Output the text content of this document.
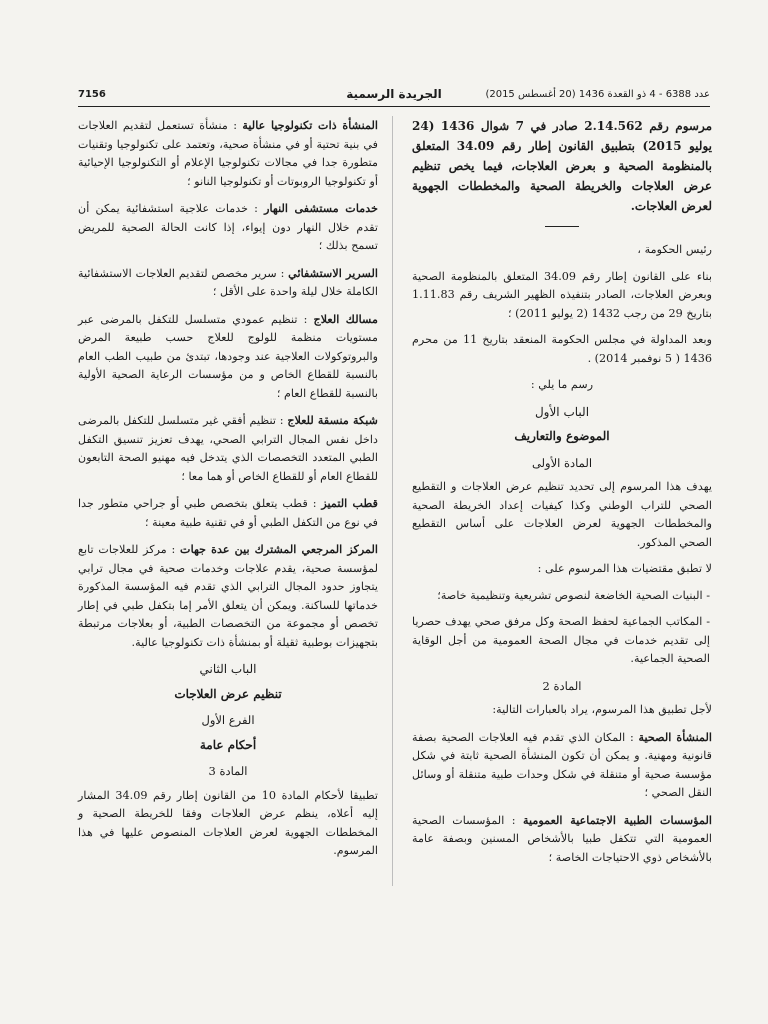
7156	الجريدة الرسمية	عدد 6388 - 4 ذو القعدة 1436 (20 أغسطس 2015)
مرسوم رقم 2.14.562 صادر في 7 شوال 1436 (24 يوليو 2015) بتطبيق القانون إطار رقم 34.09 المتعلق بالمنظومة الصحية و بعرض العلاجات، فيما يخص تنظيم عرض العلاجات والخريطة الصحية والمخططات الجهوية لعرض العلاجات.

رئيس الحكومة ،

بناء على القانون إطار رقم 34.09 المتعلق بالمنظومة الصحية وبعرض العلاجات، الصادر بتنفيذه الظهير الشريف رقم 1.11.83 بتاريخ 29 من رجب 1432 (2 يوليو 2011) ؛

وبعد المداولة في مجلس الحكومة المنعقد بتاريخ 11 من محرم 1436 ( 5 نوفمبر 2014) .

رسم ما يلي :

الباب الأول
الموضوع والتعاريف
المادة الأولى

يهدف هذا المرسوم إلى تحديد تنظيم عرض العلاجات و التقطيع الصحي للتراب الوطني وكذا كيفيات إعداد الخريطة الصحية والمخططات الجهوية لعرض العلاجات على أساس التقطيع الصحي المذكور.

لا تطبق مقتضيات هذا المرسوم على :

- البنيات الصحية الخاضعة لنصوص تشريعية وتنظيمية خاصة؛

- المكاتب الجماعية لحفظ الصحة وكل مرفق صحي يهدف حصريا إلى تقديم خدمات في مجال الصحة العمومية من أجل الوقاية الصحية الجماعية.

المادة 2

لأجل تطبيق هذا المرسوم، يراد بالعبارات التالية:

المنشأة الصحية : المكان الذي تقدم فيه العلاجات الصحية بصفة قانونية ومهنية. و يمكن أن تكون المنشأة الصحية ثابتة في شكل مؤسسة صحية أو متنقلة في شكل وحدات طبية متنقلة أو وسائل النقل الصحي ؛

المؤسسات الطبية الاجتماعية العمومية : المؤسسات الصحية العمومية التي تتكفل طبيا بالأشخاص المسنين وبصفة عامة بالأشخاص ذوي الاحتياجات الخاصة ؛

المنشأة ذات تكنولوجيا عالية : منشأة تستعمل لتقديم العلاجات في بنية تحتية أو في منشأة صحية، وتعتمد على تكنولوجيا وتقنيات متطورة جدا في مجالات تكنولوجيا الإعلام أو التكنولوجيا الإحيائية أو تكنولوجيا الروبوتات أو تكنولوجيا النانو ؛

خدمات مستشفى النهار : خدمات علاجية استشفائية يمكن أن تقدم خلال النهار دون إيواء، إذا كانت الحالة الصحية للمريض تسمح بذلك ؛

السرير الاستشفائي : سرير مخصص لتقديم العلاجات الاستشفائية الكاملة خلال ليلة واحدة على الأقل ؛

مسالك العلاج : تنظيم عمودي متسلسل للتكفل بالمرضى عبر مستويات منظمة للولوج للعلاج حسب طبيعة المرض والبروتوكولات العلاجية عند وجودها، تبتدئ من طبيب الطب العام بالنسبة للقطاع الخاص و من مؤسسات الرعاية الصحية الأولية بالنسبة للقطاع العام ؛

شبكة منسقة للعلاج : تنظيم أفقي غير متسلسل للتكفل بالمرضى داخل نفس المجال الترابي الصحي، يهدف تعزيز تنسيق التكفل الطبي المتعدد التخصصات الذي يتدخل فيه مهنيو الصحة التابعون للقطاع العام أو للقطاع الخاص أو هما معا ؛

قطب التميز : قطب يتعلق بتخصص طبي أو جراحي متطور جدا في نوع من التكفل الطبي أو في تقنية طبية معينة ؛

المركز المرجعي المشترك بين عدة جهات : مركز للعلاجات تابع لمؤسسة صحية، يقدم علاجات وخدمات صحية في مجال ترابي يتجاوز حدود المجال الترابي الذي تقدم فيه المؤسسة المذكورة خدماتها للساكنة. ويمكن أن يتعلق الأمر إما بتكفل طبي في إطار تخصص أو مجموعة من التخصصات الطبية، أو بعلاجات مرتبطة بتجهيزات بوطبية ثقيلة أو بمنشأة ذات تكنولوجيا عالية.

الباب الثاني
تنظيم عرض العلاجات
الفرع الأول
أحكام عامة
المادة 3

تطبيقا لأحكام المادة 10 من القانون إطار رقم 34.09 المشار إليه أعلاه، ينظم عرض العلاجات وفقا للخريطة الصحية و المخططات الجهوية لعرض العلاجات المنصوص عليها في هذا المرسوم.
